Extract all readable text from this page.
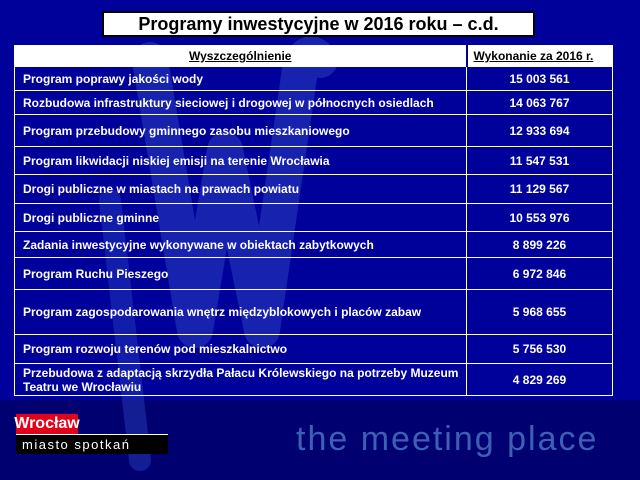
Programy inwestycyjne w 2016 roku – c.d.
Wyszczególnienie	Wykonanie za 2016 r.
Program poprawy jakości wody	15 003 561
Rozbudowa infrastruktury sieciowej i drogowej w północnych osiedlach	14 063 767
Program przebudowy gminnego zasobu mieszkaniowego	12 933 694
Program likwidacji niskiej emisji na terenie Wrocławia	11 547 531
Drogi publiczne w miastach na prawach powiatu	11 129 567
Drogi publiczne gminne	10 553 976
Zadania inwestycyjne wykonywane w obiektach zabytkowych	8 899 226
Program Ruchu Pieszego	6 972 846
Program zagospodarowania wnętrz międzyblokowych i placów zabaw	5 968 655
Program rozwoju terenów pod mieszkalnictwo	5 756 530
Przebudowa z adaptacją skrzydła Pałacu Królewskiego na potrzeby Muzeum Teatru we Wrocławiu	4 829 269
Wrocław
miasto spotkań	the meeting place
